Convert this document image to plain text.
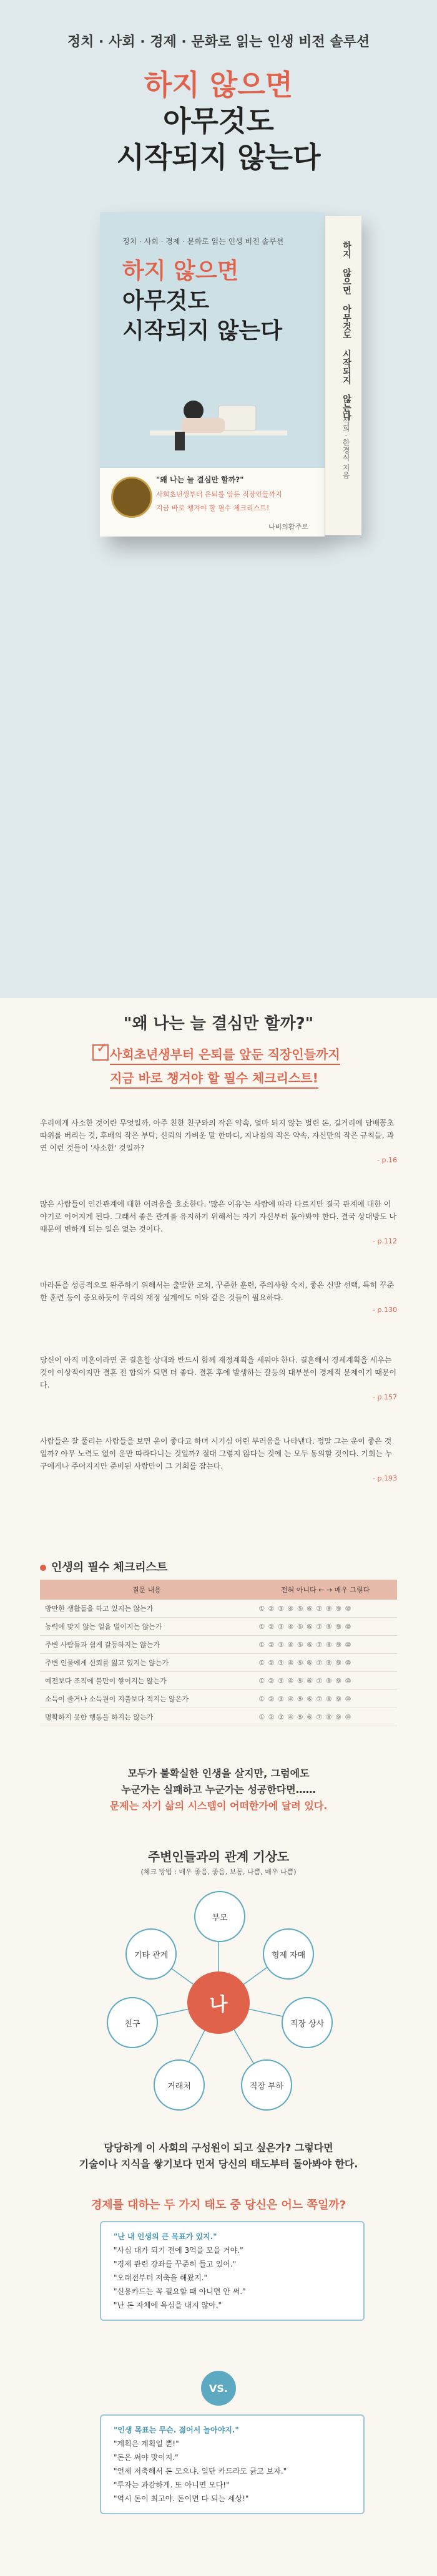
정치 · 사회 · 경제 · 문화로 읽는 인생 비전 솔루션
하지 않으면
아무것도
시작되지 않는다
정치 · 사회 · 경제 · 문화로 읽는 인생 비전 솔루션
하지 않으면
아무것도
시작되지 않는다
"왜 나는 늘 결심만 할까?"
사회초년생부터 은퇴를 앞둔 직장인들까지
지금 바로 챙겨야 할 필수 체크리스트!
나비의활주로
하지 않으면 아무것도 시작되지 않는다
이석희 · 한경식 지음
"왜 나는 늘 결심만 할까?"
✓
사회초년생부터 은퇴를 앞둔 직장인들까지
지금 바로 챙겨야 할 필수 체크리스트!
우리에게 사소한 것이란 무엇일까. 아주 친한 친구와의 작은 약속, 얼마 되지 않는 벌린 돈, 길거리에 담배꽁초 따위를 버리는 것, 후배의 작은 부탁, 신뢰의 가벼운 말 한마디, 지나침의 작은 약속, 자신만의 작은 규칙들, 과연 이런 것들이 '사소한' 것일까?
- p.16
많은 사람들이 인간관계에 대한 어려움을 호소한다. '많은 이유'는 사람에 따라 다르지만 결국 관계에 대한 이야기로 이어지게 된다. 그래서 좋은 관계를 유지하기 위해서는 자기 자신부터 돌아봐야 한다. 결국 상대방도 나 때문에 변하게 되는 일은 없는 것이다.
- p.112
마라톤을 성공적으로 완주하기 위해서는 출발한 코치, 꾸준한 훈련, 주의사항 숙지, 좋은 신발 선택, 특히 꾸준한 훈련 등이 중요하듯이 우리의 재정 설계에도 이와 같은 것들이 필요하다.
- p.130
당신이 아직 미혼이라면 곧 결혼할 상대와 반드시 함께 재정계획을 세워야 한다. 결혼해서 경제계획을 세우는 것이 이상적이지만 결혼 전 합의가 되면 더 좋다. 결혼 후에 발생하는 갈등의 대부분이 경제적 문제이기 때문이다.
- p.157
사람들은 잘 풀리는 사람들을 보면 운이 좋다고 하며 시기심 어린 부러움을 나타낸다. 정말 그는 운이 좋은 것일까? 아무 노력도 없이 운만 따라다니는 것일까? 절대 그렇지 않다는 것에 는 모두 동의할 것이다. 기회는 누구에게나 주어지지만 준비된 사람만이 그 기회를 잡는다.
- p.193
인생의 필수 체크리스트
질문 내용	전혀 아니다 ← → 매우 그렇다
방만한 생활들을 하고 있지는 않는가	① ② ③ ④ ⑤ ⑥ ⑦ ⑧ ⑨ ⑩
능력에 맞지 않는 일을 벌이지는 않는가	① ② ③ ④ ⑤ ⑥ ⑦ ⑧ ⑨ ⑩
주변 사람들과 쉽게 갈등하지는 않는가	① ② ③ ④ ⑤ ⑥ ⑦ ⑧ ⑨ ⑩
주변 인물에게 신뢰를 잃고 있지는 않는가	① ② ③ ④ ⑤ ⑥ ⑦ ⑧ ⑨ ⑩
예전보다 조직에 불만이 쌓이지는 않는가	① ② ③ ④ ⑤ ⑥ ⑦ ⑧ ⑨ ⑩
소득이 줄거나 소득원이 지출보다 적지는 않은가	① ② ③ ④ ⑤ ⑥ ⑦ ⑧ ⑨ ⑩
명확하지 못한 행동을 하지는 않는가	① ② ③ ④ ⑤ ⑥ ⑦ ⑧ ⑨ ⑩
모두가 불확실한 인생을 살지만, 그럼에도
누군가는 실패하고 누군가는 성공한다면……
문제는 자기 삶의 시스템이 어떠한가에 달려 있다.
주변인들과의 관계 기상도
(체크 방법 : 매우 좋음, 좋음, 보통, 나쁨, 매우 나쁨)
나
부모
형제 자매
직장 상사
직장 부하
거래처
친구
기타 관계
당당하게 이 사회의 구성원이 되고 싶은가? 그렇다면
기술이나 지식을 쌓기보다 먼저 당신의 태도부터 돌아봐야 한다.
경제를 대하는 두 가지 태도 중 당신은 어느 쪽일까?
"난 내 인생의 큰 목표가 있지."
"사십 대가 되기 전에 3억을 모을 거야."
"경제 관련 강좌를 꾸준히 들고 있어."
"오래전부터 저축을 해왔지."
"신용카드는 꼭 필요할 때 아니면 안 써."
"난 돈 자체에 욕심을 내지 않아."
VS.
"인생 목표는 무슨. 젊어서 놀아야지."
"계획은 계획일 뿐!"
"돈은 써야 맛이지."
"언제 저축해서 돈 모으냐. 일단 카드라도 긁고 보자."
"투자는 과감하게. 또 아니면 모다!"
"역시 돈이 최고야. 돈이면 다 되는 세상!"
